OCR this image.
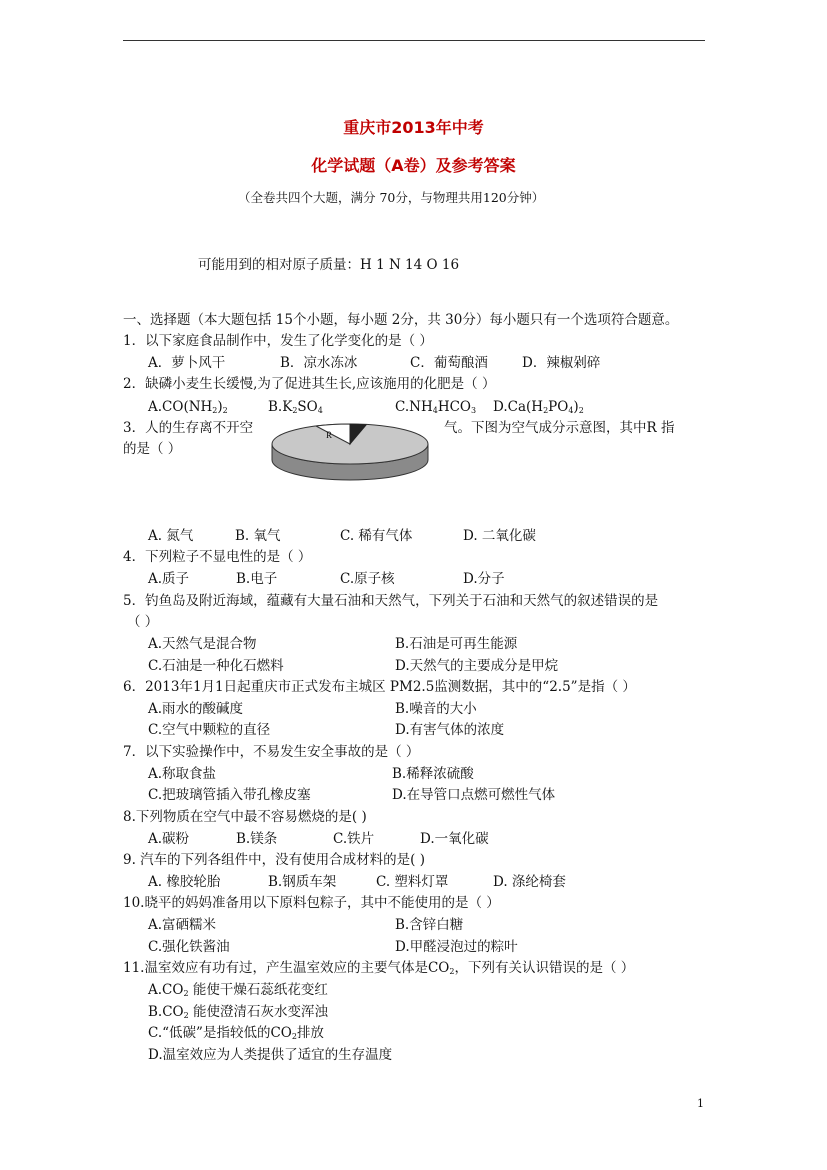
重庆市2013年中考
化学试题（A卷）及参考答案
（全卷共四个大题，满分 70分，与物理共用120分钟）
可能用到的相对原子质量：H 1 N 14 O 16
一、选择题（本大题包括 15个小题，每小题 2分，共 30分）每小题只有一个选项符合题意。
1．以下家庭食品制作中，发生了化学变化的是（ ）
A．萝卜风干	B．凉水冻冰	C．葡萄酿酒	D．辣椒剁碎
2．缺磷小麦生长缓慢,为了促进其生长,应该施用的化肥是（ ）
$A.CO(NH_2)_2$	$B.K_2SO_4$	$C.NH_4HCO_3$ $D.Ca(H_2PO_4)_2$
3．人的生存离不开空	气。下图为空气成分示意图，其中R 指
的是（ ）
R
A. 氮气	B. 氧气	C. 稀有气体	D. 二氧化碳
4．下列粒子不显电性的是（ ）
A.质子	B.电子	C.原子核	D.分子
5．钓鱼岛及附近海域，蕴藏有大量石油和天然气，下列关于石油和天然气的叙述错误的是
（ ）
A.天然气是混合物	B.石油是可再生能源
C.石油是一种化石燃料	D.天然气的主要成分是甲烷
6．2013年1月1日起重庆市正式发布主城区 PM2.5监测数据，其中的“2.5”是指（ ）
A.雨水的酸碱度	B.噪音的大小
C.空气中颗粒的直径	D.有害气体的浓度
7．以下实验操作中，不易发生安全事故的是（ ）
A.称取食盐	B.稀释浓硫酸
C.把玻璃管插入带孔橡皮塞	D.在导管口点燃可燃性气体
8.下列物质在空气中最不容易燃烧的是( )
A.碳粉	B.镁条	C.铁片	D.一氧化碳
9. 汽车的下列各组件中，没有使用合成材料的是( )
A. 橡胶轮胎	B.钢质车架	C. 塑料灯罩	D. 涤纶椅套
10.晓平的妈妈准备用以下原料包粽子，其中不能使用的是（ ）
A.富硒糯米	B.含锌白糖
C.强化铁酱油	D.甲醛浸泡过的粽叶
11.温室效应有功有过，产生温室效应的主要气体是$CO_2$，下列有关认识错误的是（ ）
$A.CO_2$ 能使干燥石蕊纸花变红
$B.CO_2$ 能使澄清石灰水变浑浊
C.“低碳”是指较低的$CO_2$排放
D.温室效应为人类提供了适宜的生存温度
1
